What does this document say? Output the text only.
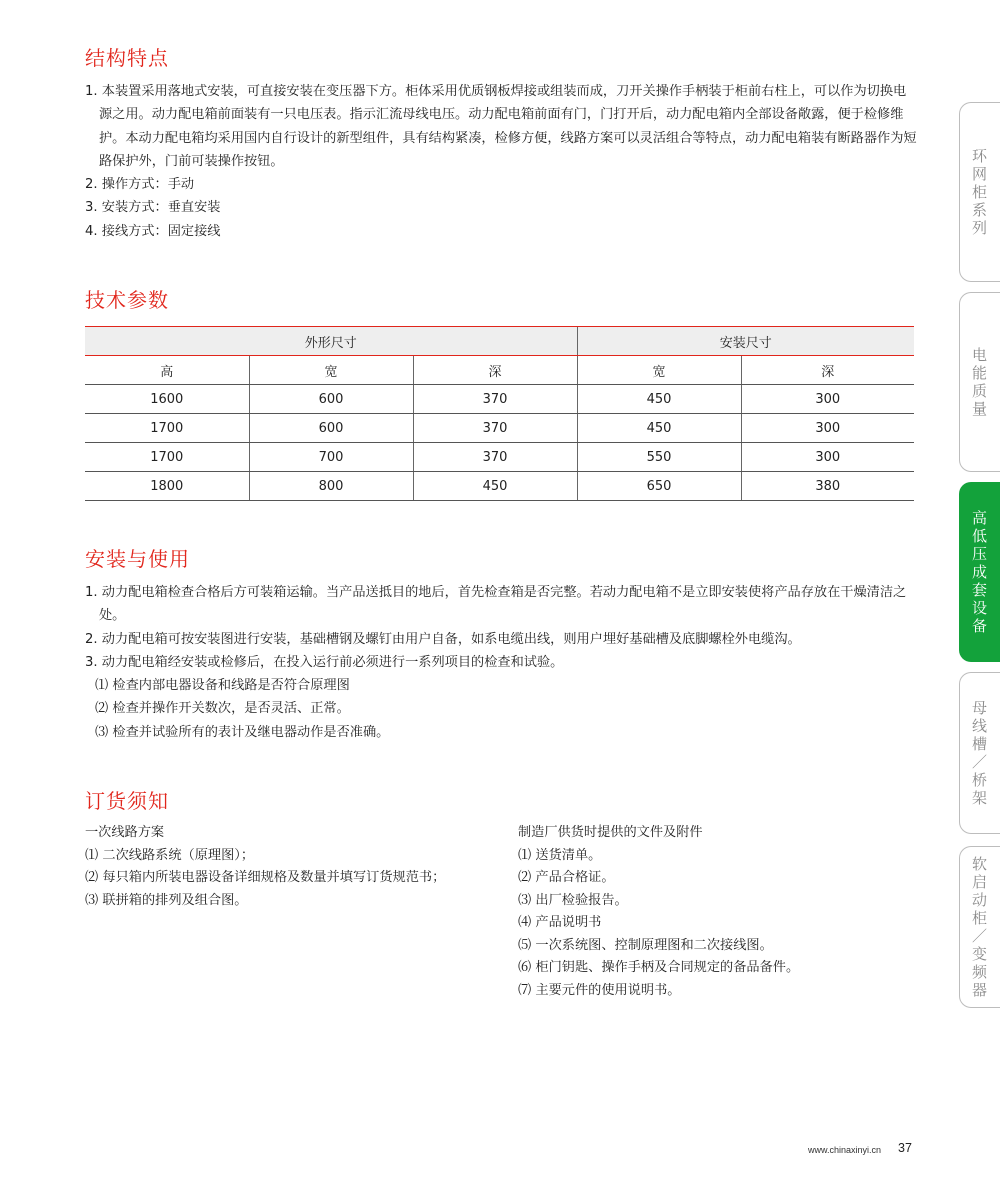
结构特点
1. 本装置采用落地式安装，可直接安装在变压器下方。柜体采用优质钢板焊接或组装而成，刀开关操作手柄装于柜前右柱上，可以作为切换电源之用。动力配电箱前面装有一只电压表。指示汇流母线电压。动力配电箱前面有门，门打开后，动力配电箱内全部设备敞露，便于检修维护。本动力配电箱均采用国内自行设计的新型组件，具有结构紧凑，检修方便，线路方案可以灵活组合等特点，动力配电箱装有断路器作为短路保护外，门前可装操作按钮。
2. 操作方式：手动
3. 安装方式：垂直安装
4. 接线方式：固定接线
技术参数
外形尺寸			安装尺寸	
高	宽	深	宽	深
1600	600	370	450	300
1700	600	370	450	300
1700	700	370	550	300
1800	800	450	650	380
安装与使用
1. 动力配电箱检查合格后方可装箱运输。当产品送抵目的地后，首先检查箱是否完整。若动力配电箱不是立即安装使将产品存放在干燥清洁之处。
2. 动力配电箱可按安装图进行安装，基础槽钢及螺钉由用户自备，如系电缆出线，则用户埋好基础槽及底脚螺栓外电缆沟。
3. 动力配电箱经安装或检修后，在投入运行前必须进行一系列项目的检查和试验。
⑴ 检查内部电器设备和线路是否符合原理图
⑵ 检查并操作开关数次，是否灵活、正常。
⑶ 检查并试验所有的表计及继电器动作是否准确。
订货须知
一次线路方案
⑴ 二次线路系统（原理图）；
⑵ 每只箱内所装电器设备详细规格及数量并填写订货规范书；
⑶ 联拼箱的排列及组合图。
制造厂供货时提供的文件及附件
⑴ 送货清单。
⑵ 产品合格证。
⑶ 出厂检验报告。
⑷ 产品说明书
⑸ 一次系统图、控制原理图和二次接线图。
⑹ 柜门钥匙、操作手柄及合同规定的备品备件。
⑺ 主要元件的使用说明书。
环网柜系列
电能质量
高低压成套设备
母线槽／桥架
软启动柜／变频器
www.chinaxinyi.cn 37
